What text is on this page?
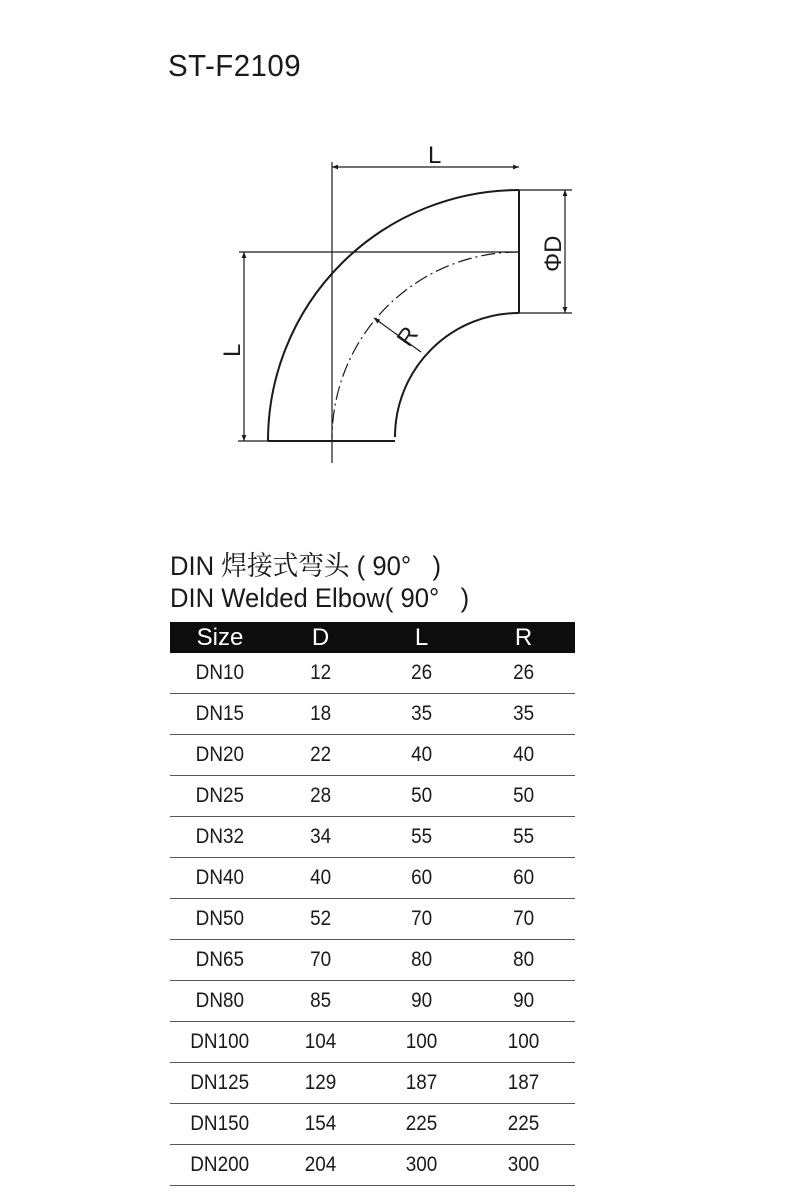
ST-F2109
L
L
ΦD
R
DIN 焊接式弯头 ( 90°   )
DIN Welded Elbow( 90°   )
Size	D	L	R
DN10	12	26	26
DN15	18	35	35
DN20	22	40	40
DN25	28	50	50
DN32	34	55	55
DN40	40	60	60
DN50	52	70	70
DN65	70	80	80
DN80	85	90	90
DN100	104	100	100
DN125	129	187	187
DN150	154	225	225
DN200	204	300	300
